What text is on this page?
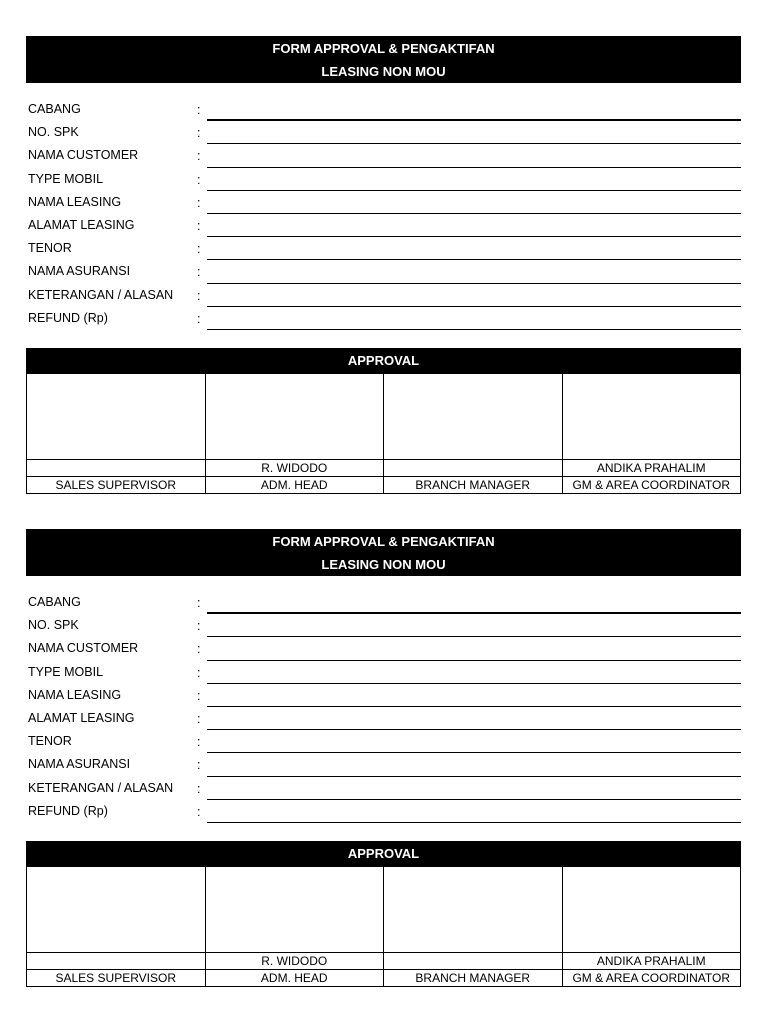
FORM APPROVAL & PENGAKTIFAN
LEASING NON MOU
CABANG	:
NO. SPK	:
NAMA CUSTOMER	:
TYPE MOBIL	:
NAMA LEASING	:
ALAMAT LEASING	:
TENOR	:
NAMA ASURANSI	:
KETERANGAN / ALASAN :
REFUND (Rp)	:
APPROVAL

	R. WIDODO		ANDIKA PRAHALIM
SALES SUPERVISOR	ADM. HEAD	BRANCH MANAGER	GM & AREA COORDINATOR
FORM APPROVAL & PENGAKTIFAN
LEASING NON MOU
CABANG	:
NO. SPK	:
NAMA CUSTOMER	:
TYPE MOBIL	:
NAMA LEASING	:
ALAMAT LEASING	:
TENOR	:
NAMA ASURANSI	:
KETERANGAN / ALASAN :
REFUND (Rp)	:
APPROVAL

	R. WIDODO		ANDIKA PRAHALIM
SALES SUPERVISOR	ADM. HEAD	BRANCH MANAGER	GM & AREA COORDINATOR
